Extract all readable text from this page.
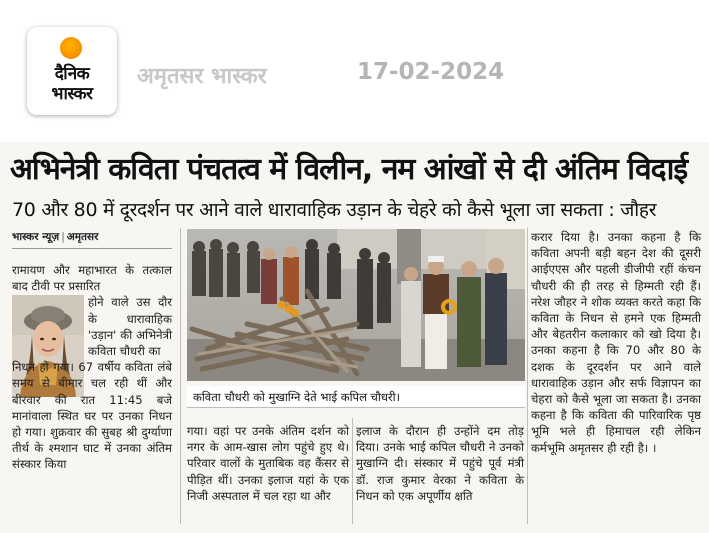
दैनिक
भास्कर
अमृतसर भास्कर	17-02-2024
अभिनेत्री कविता पंचतत्व में विलीन, नम आंखों से दी अंतिम विदाई
70 और 80 में दूरदर्शन पर आने वाले धारावाहिक उड़ान के चेहरे को कैसे भूला जा सकता : जौहर
भास्कर न्यूज़ | अमृतसर

रामायण और महाभारत के तत्काल बाद टीवी पर प्रसारित

होने वाले उस दौर के धारावाहिक 'उड़ान' की अभिनेत्री कविता चौधरी का

निधन हो गया। 67 वर्षीय कविता लंबे समय से बीमार चल रही थीं और बीरवार की रात 11:45 बजे मानांवाला स्थित घर पर उनका निधन हो गया। शुक्रवार की सुबह श्री दुर्ग्याणा तीर्थ के श्मशान घाट में उनका अंतिम संस्कार किया

कविता चौधरी को मुखाग्नि देते भाई कपिल चौधरी।

गया। वहां पर उनके अंतिम दर्शन को नगर के आम-खास लोग पहुंचे हुए थे। परिवार वालों के मुताबिक वह कैंसर से पीड़ित थीं। उनका इलाज यहां के एक निजी अस्पताल में चल रहा था और

इलाज के दौरान ही उन्होंने दम तोड़ दिया। उनके भाई कपिल चौधरी ने उनको मुखाग्नि दी। संस्कार में पहुंचे पूर्व मंत्री डॉ. राज कुमार वेरका ने कविता के निधन को एक अपूर्णीय क्षति

करार दिया है। उनका कहना है कि कविता अपनी बड़ी बहन देश की दूसरी आईएएस और पहली डीजीपी रहीं कंचन चौधरी की ही तरह से हिम्मती रही हैं। नरेश जौहर ने शोक व्यक्त करते कहा कि कविता के निधन से हमने एक हिम्मती और बेहतरीन कलाकार को खो दिया है। उनका कहना है कि 70 और 80 के दशक के दूरदर्शन पर आने वाले धारावाहिक उड़ान और सर्फ विज्ञापन का चेहरा को कैसे भूला जा सकता है। उनका कहना है कि कविता की पारिवारिक पृष्ठ भूमि भले ही हिमाचल रही लेकिन कर्मभूमि अमृतसर ही रही है। ।
